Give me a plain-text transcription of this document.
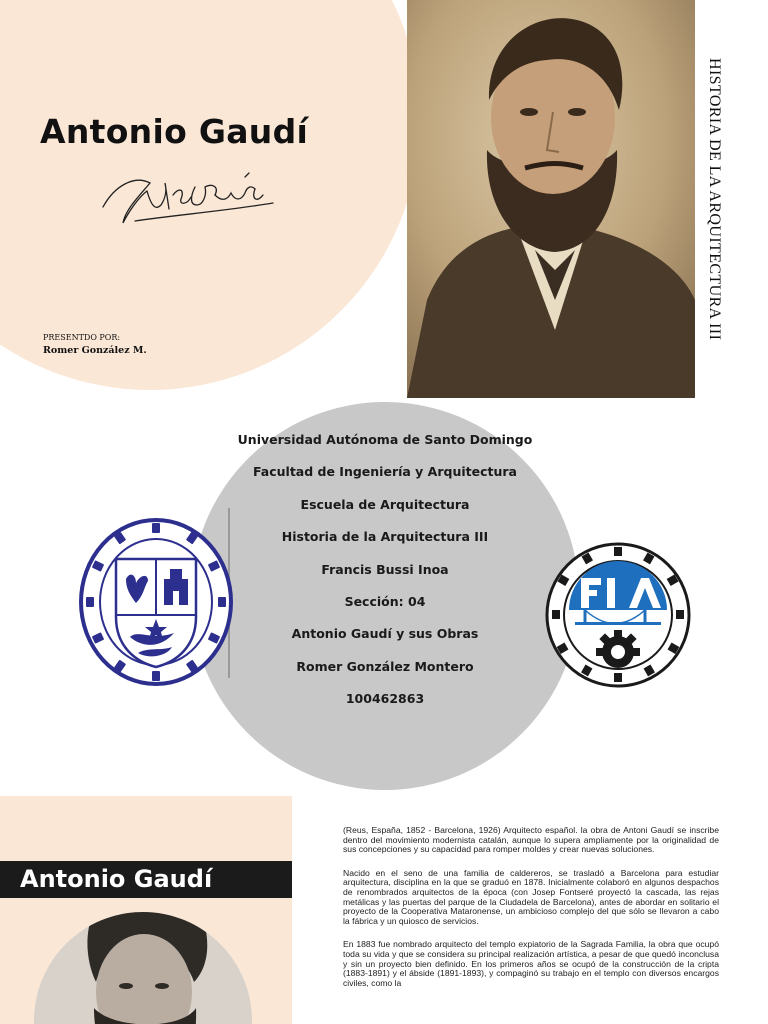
Antonio Gaudí
PRESENTDO POR:
Romer González M.
HISTORIA DE LA ARQUITECTURA III
Universidad Autónoma de Santo Domingo
Facultad de Ingeniería y Arquitectura
Escuela de Arquitectura
Historia de la Arquitectura III
Francis Bussi Inoa
Sección: 04
Antonio Gaudí y sus Obras
Romer González Montero
100462863
Antonio Gaudí

(Reus, España, 1852 - Barcelona, 1926) Arquitecto español. la obra de Antoni Gaudí se inscribe dentro del movimiento modernista catalán, aunque lo supera ampliamente por la originalidad de sus concepciones y su capacidad para romper moldes y crear nuevas soluciones.

Nacido en el seno de una familia de caldereros, se trasladó a Barcelona para estudiar arquitectura, disciplina en la que se graduó en 1878. Inicialmente colaboró en algunos despachos de renombrados arquitectos de la época (con Josep Fontseré proyectó la cascada, las rejas metálicas y las puertas del parque de la Ciudadela de Barcelona), antes de abordar en solitario el proyecto de la Cooperativa Mataronense, un ambicioso complejo del que sólo se llevaron a cabo la fábrica y un quiosco de servicios.

En 1883 fue nombrado arquitecto del templo expiatorio de la Sagrada Familia, la obra que ocupó toda su vida y que se considera su principal realización artística, a pesar de que quedó inconclusa y sin un proyecto bien definido. En los primeros años se ocupó de la construcción de la cripta (1883-1891) y el ábside (1891-1893), y compaginó su trabajo en el templo con diversos encargos civiles, como la
